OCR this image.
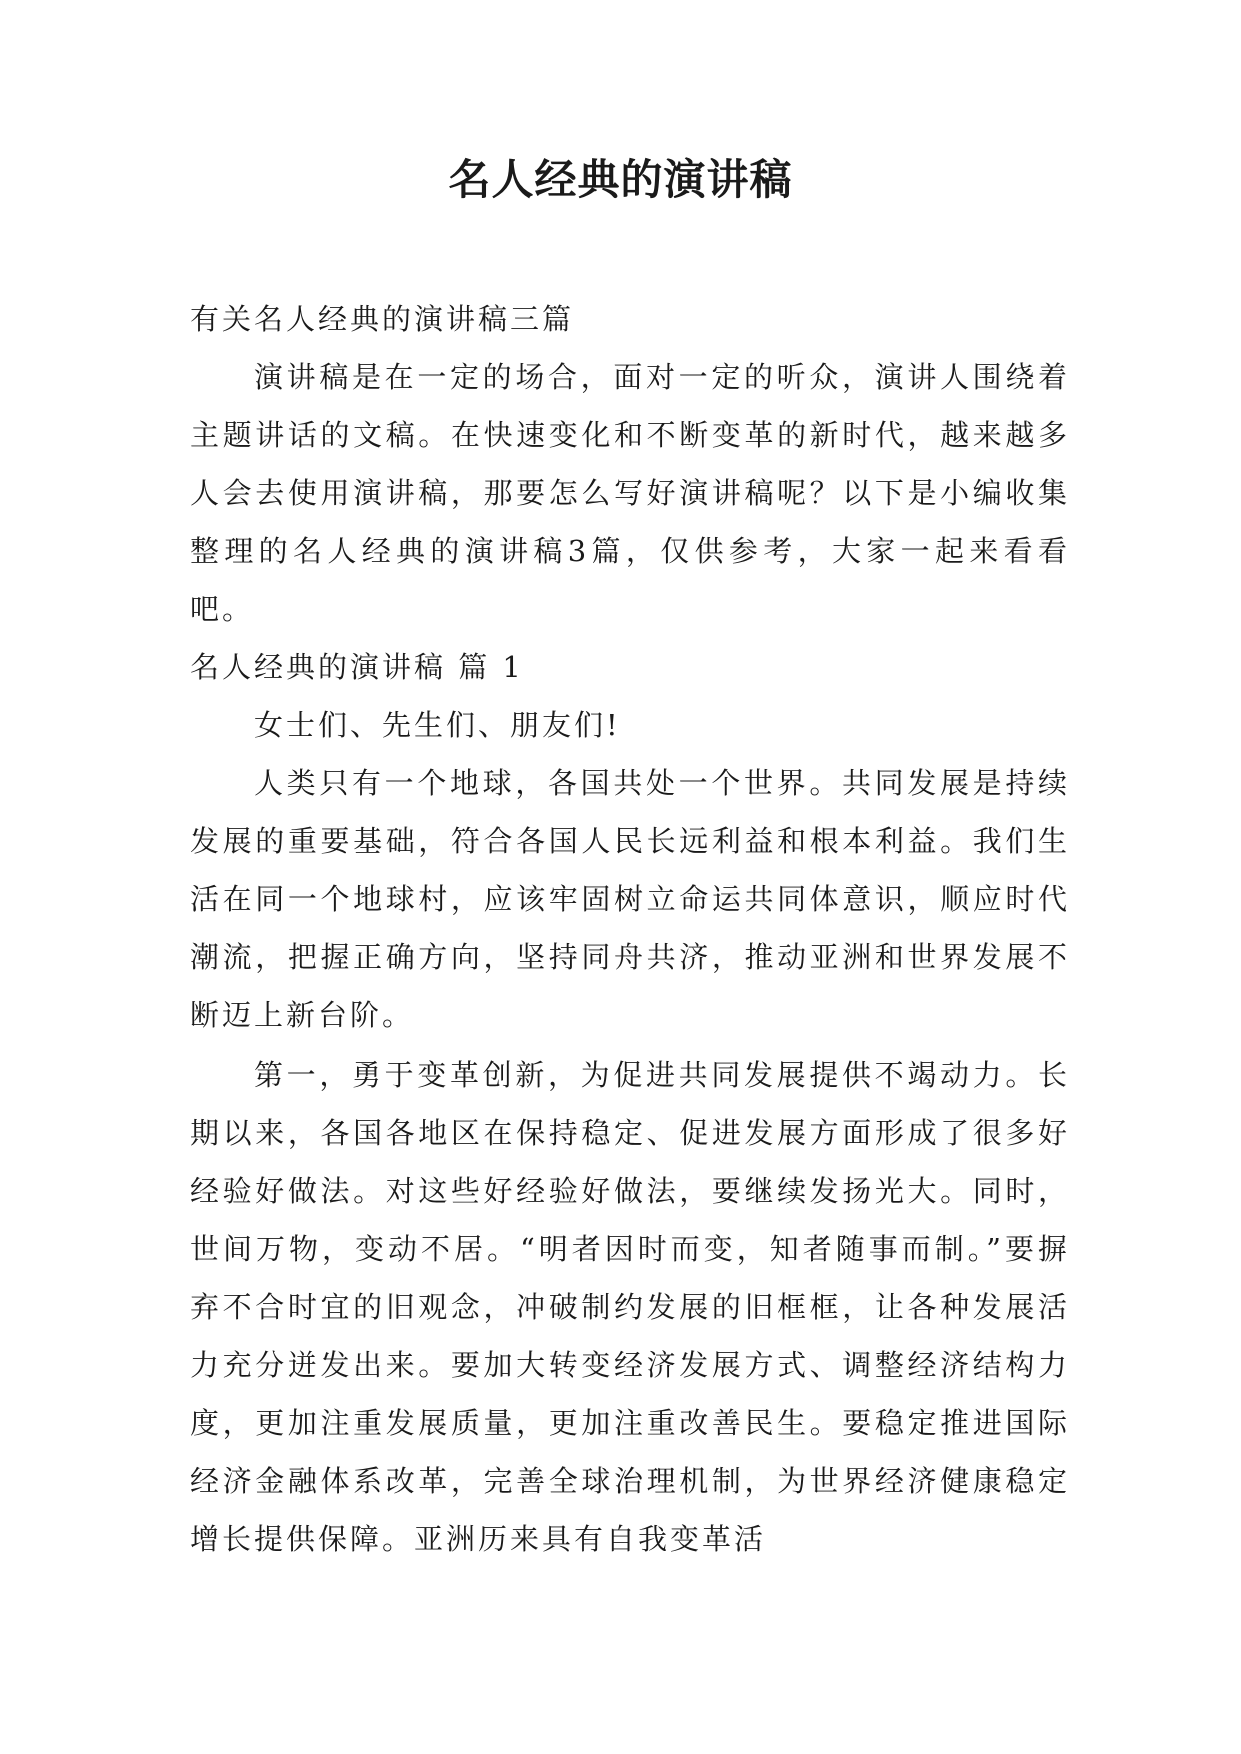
名人经典的演讲稿

有关名人经典的演讲稿三篇

演讲稿是在一定的场合，面对一定的听众，演讲人围绕着主题讲话的文稿。在快速变化和不断变革的新时代，越来越多人会去使用演讲稿，那要怎么写好演讲稿呢？以下是小编收集整理的名人经典的演讲稿3篇，仅供参考，大家一起来看看吧。

名人经典的演讲稿 篇 1

女士们、先生们、朋友们!

人类只有一个地球，各国共处一个世界。共同发展是持续发展的重要基础，符合各国人民长远利益和根本利益。我们生活在同一个地球村，应该牢固树立命运共同体意识，顺应时代潮流，把握正确方向，坚持同舟共济，推动亚洲和世界发展不断迈上新台阶。

第一，勇于变革创新，为促进共同发展提供不竭动力。长期以来，各国各地区在保持稳定、促进发展方面形成了很多好经验好做法。对这些好经验好做法，要继续发扬光大。同时，世间万物，变动不居。“明者因时而变，知者随事而制。”要摒弃不合时宜的旧观念，冲破制约发展的旧框框，让各种发展活力充分迸发出来。要加大转变经济发展方式、调整经济结构力度，更加注重发展质量，更加注重改善民生。要稳定推进国际经济金融体系改革，完善全球治理机制，为世界经济健康稳定增长提供保障。亚洲历来具有自我变革活
